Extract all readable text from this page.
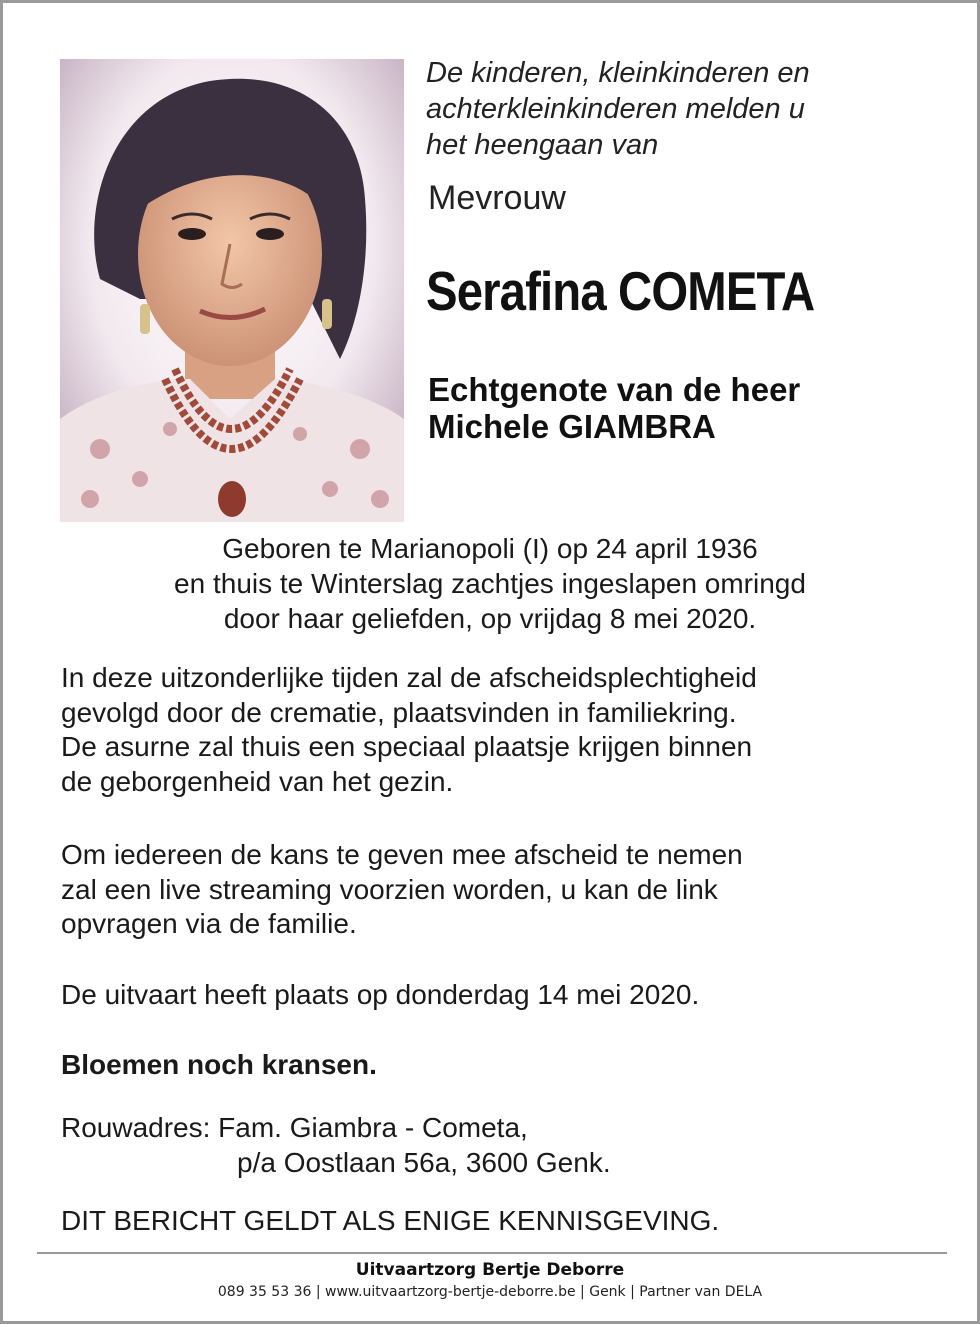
De kinderen, kleinkinderen en
achterkleinkinderen melden u
het heengaan van
Mevrouw
Serafina COMETA
Echtgenote van de heer
Michele GIAMBRA
Geboren te Marianopoli (I) op 24 april 1936
en thuis te Winterslag zachtjes ingeslapen omringd
door haar geliefden, op vrijdag 8 mei 2020.
In deze uitzonderlijke tijden zal de afscheidsplechtigheid
gevolgd door de crematie, plaatsvinden in familiekring.
De asurne zal thuis een speciaal plaatsje krijgen binnen
de geborgenheid van het gezin.
Om iedereen de kans te geven mee afscheid te nemen
zal een live streaming voorzien worden, u kan de link
opvragen via de familie.
De uitvaart heeft plaats op donderdag 14 mei 2020.
Bloemen noch kransen.
Rouwadres: Fam. Giambra - Cometa,
p/a Oostlaan 56a, 3600 Genk.
DIT BERICHT GELDT ALS ENIGE KENNISGEVING.
Uitvaartzorg Bertje Deborre
089 35 53 36 | www.uitvaartzorg-bertje-deborre.be | Genk | Partner van DELA
